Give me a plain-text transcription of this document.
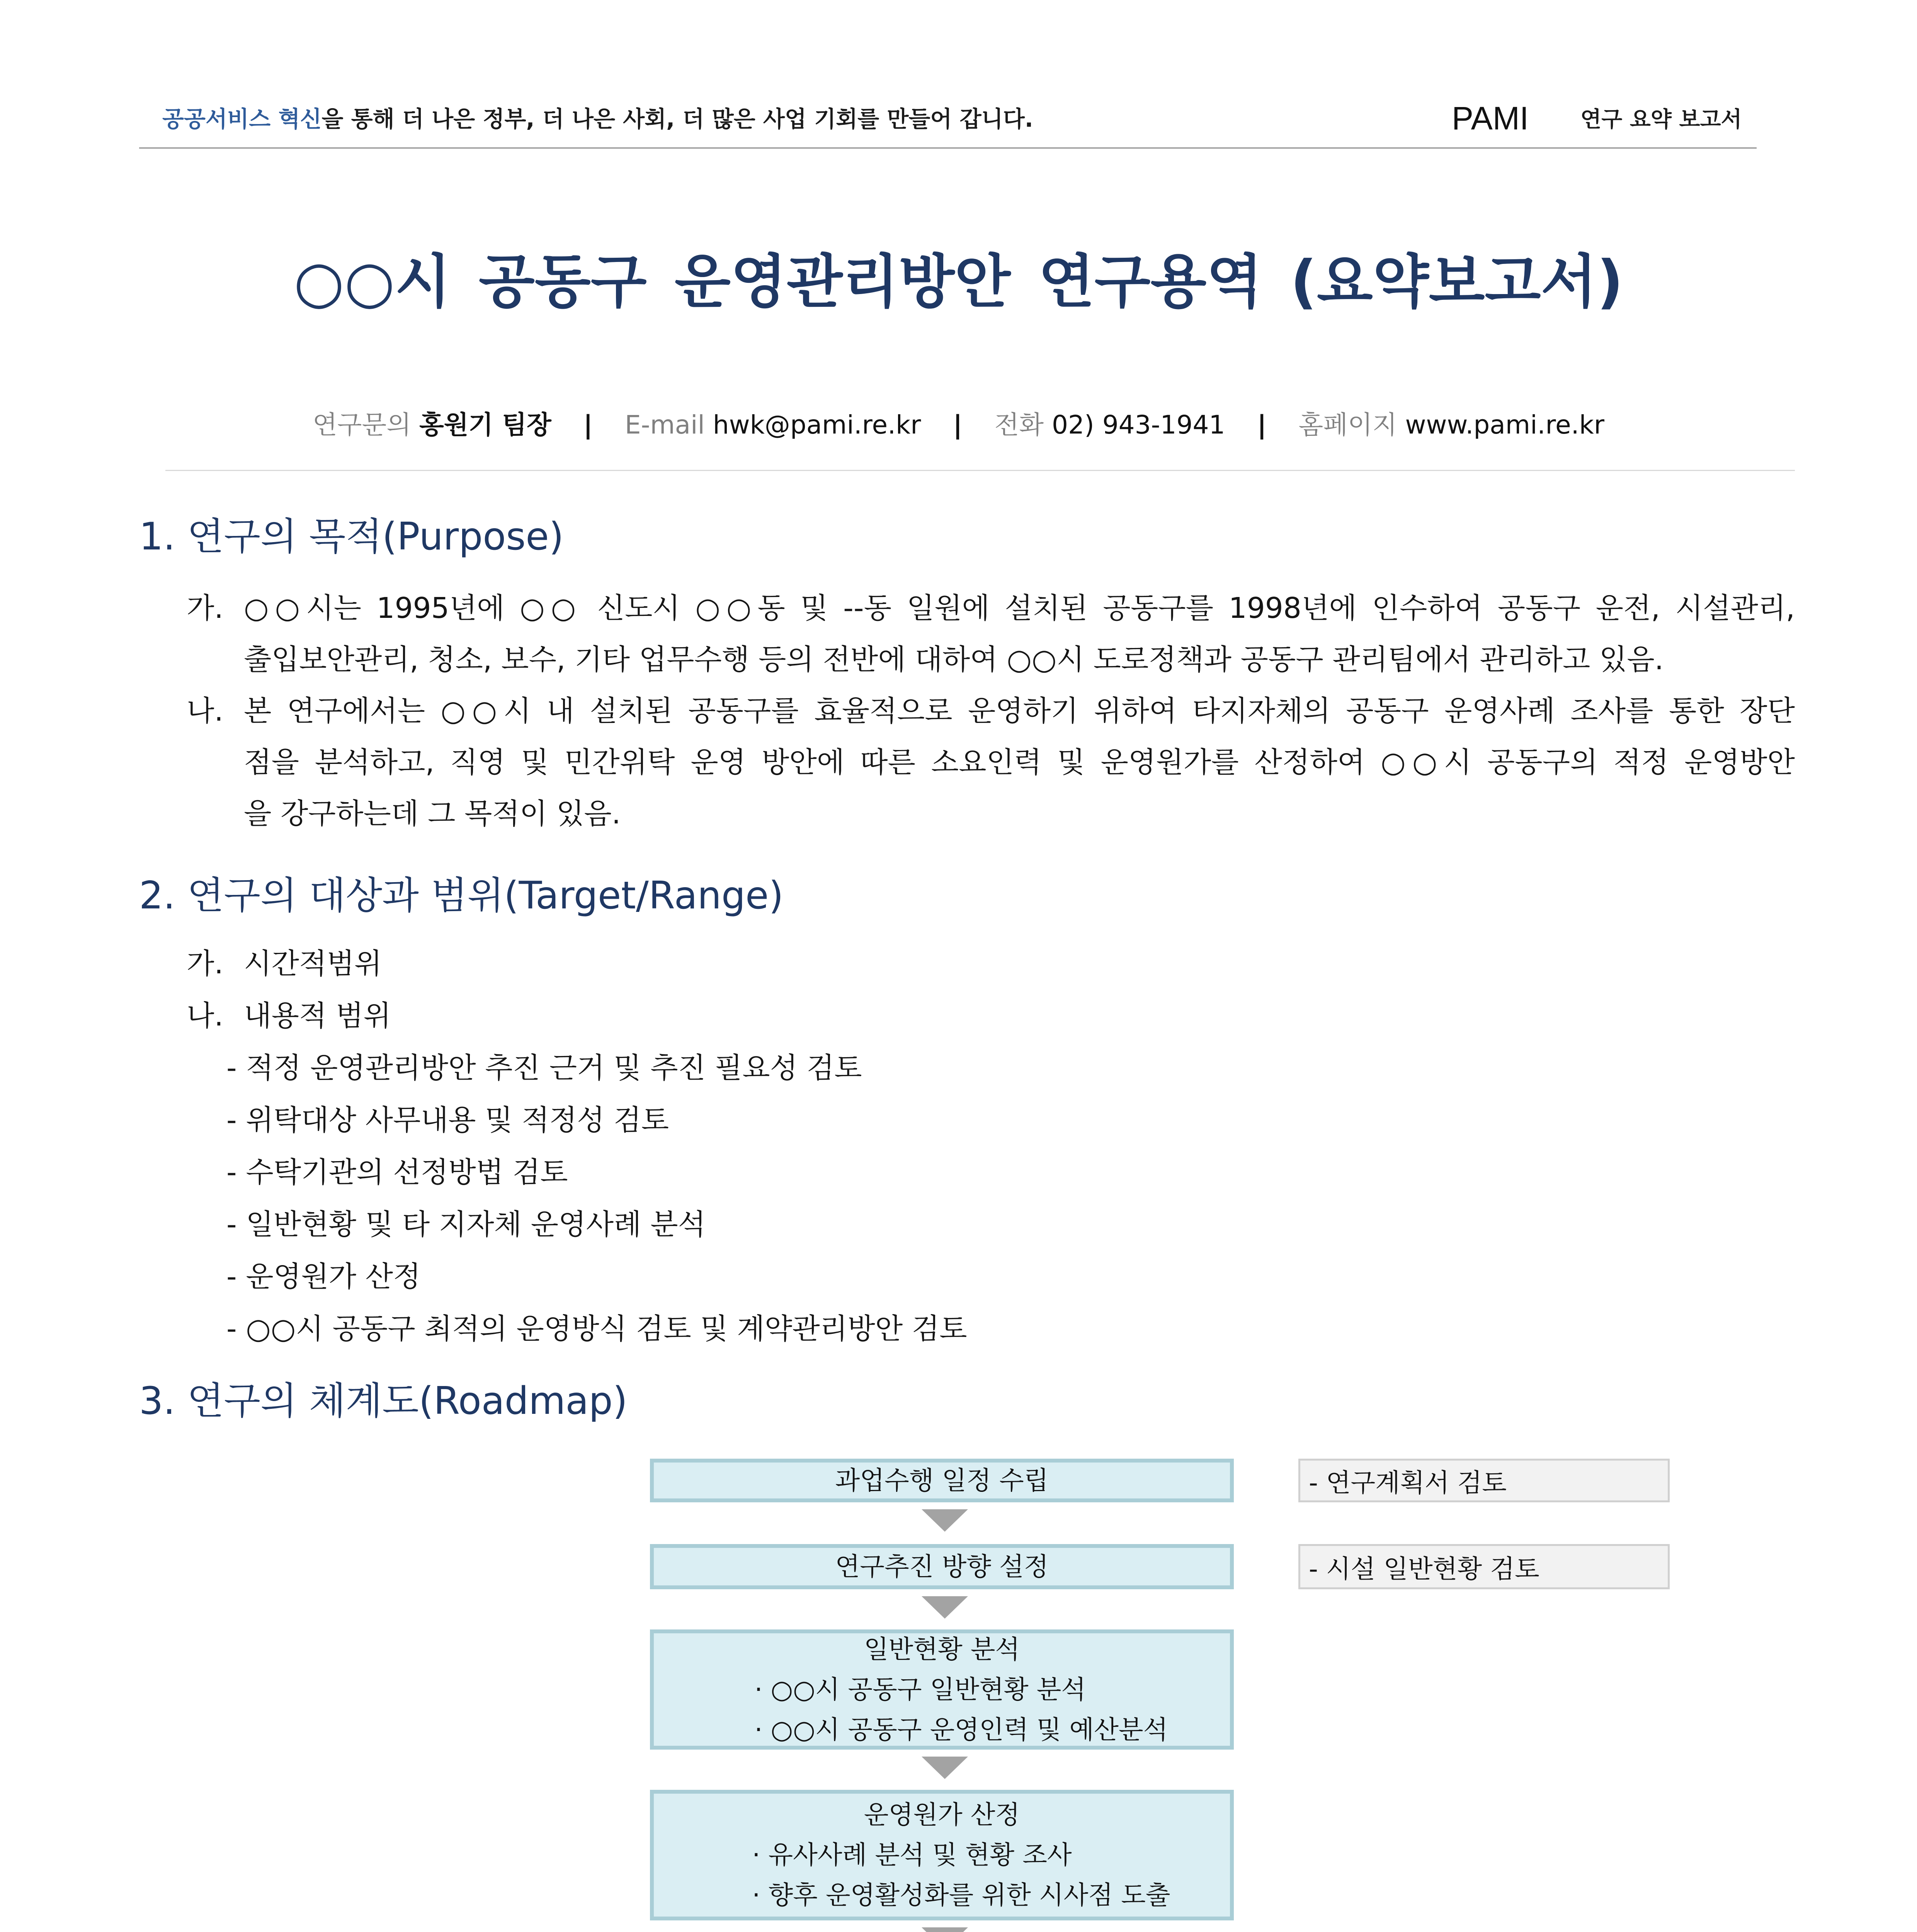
공공서비스 혁신을 통해 더 나은 정부, 더 나은 사회, 더 많은 사업 기회를 만들어 갑니다.	PAMI 연구 요약 보고서
○○시 공동구 운영관리방안 연구용역 (요약보고서)
연구문의 홍원기 팀장 | E-mail hwk@pami.re.kr | 전화 02) 943-1941 | 홈페이지 www.pami.re.kr
1. 연구의 목적(Purpose)
가. ○○시는 1995년에 ○○ 신도시 ○○동 및 --동 일원에 설치된 공동구를 1998년에 인수하여 공동구 운전, 시설관리,
출입보안관리, 청소, 보수, 기타 업무수행 등의 전반에 대하여 ○○시 도로정책과 공동구 관리팀에서 관리하고 있음.
나. 본 연구에서는 ○○시 내 설치된 공동구를 효율적으로 운영하기 위하여 타지자체의 공동구 운영사례 조사를 통한 장단
점을 분석하고, 직영 및 민간위탁 운영 방안에 따른 소요인력 및 운영원가를 산정하여 ○○시 공동구의 적정 운영방안
을 강구하는데 그 목적이 있음.
2. 연구의 대상과 범위(Target/Range)
가. 시간적범위
나. 내용적 범위
- 적정 운영관리방안 추진 근거 및 추진 필요성 검토
- 위탁대상 사무내용 및 적정성 검토
- 수탁기관의 선정방법 검토
- 일반현황 및 타 지자체 운영사례 분석
- 운영원가 산정
- ○○시 공동구 최적의 운영방식 검토 및 계약관리방안 검토
3. 연구의 체계도(Roadmap)
과업수행 일정 수립	- 연구계획서 검토
연구추진 방향 설정	- 시설 일반현황 검토
일반현황 분석
· ○○시 공동구 일반현황 분석
· ○○시 공동구 운영인력 및 예산분석
운영원가 산정
· 유사사례 분석 및 현황 조사
· 향후 운영활성화를 위한 시사점 도출
